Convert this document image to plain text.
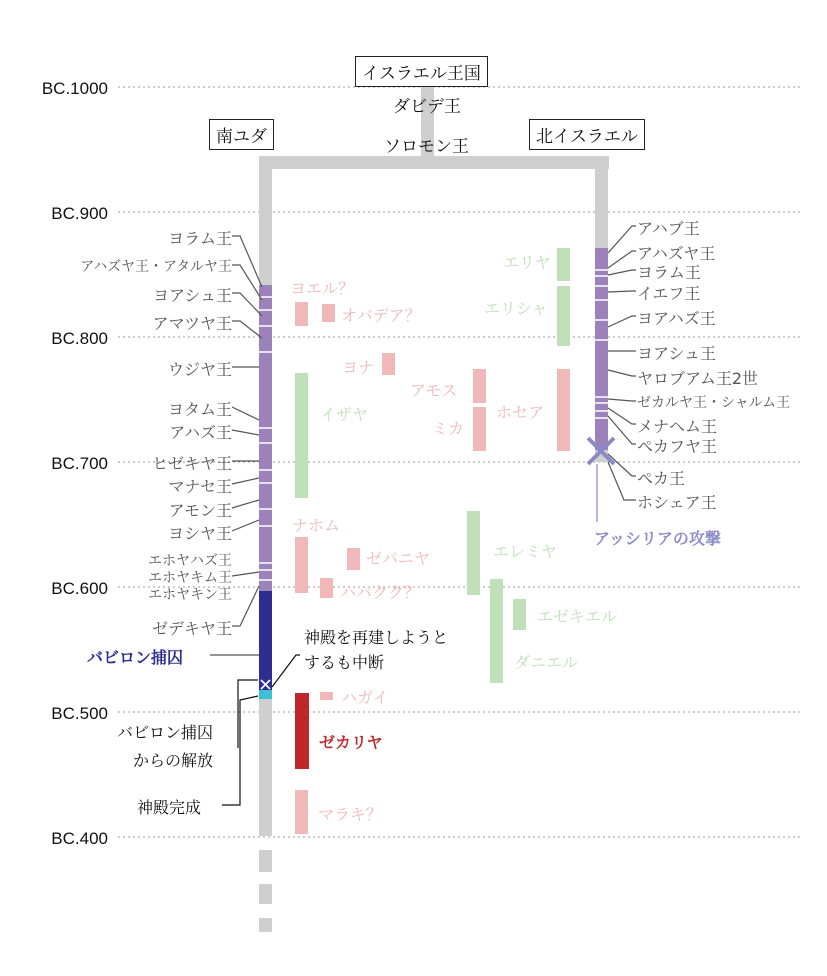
BC.1000
BC.900
BC.800
BC.700
BC.600
BC.500
BC.400
イスラエル王国
ダビデ王
ソロモン王
南ユダ	北イスラエル
ヨラム王
アハズヤ王・アタルヤ王
ヨアシュ王
アマツヤ王
ウジヤ王
ヨタム王
アハズ王
ヒゼキヤ王
マナセ王
アモン王
ヨシヤ王
エホヤハズ王
エホヤキム王
エホヤキン王
ゼデキヤ王
アハブ王
アハズヤ王
ヨラム王
イエフ王
ヨアハズ王
ヨアシュ王
ヤロブアム王2世
ゼカルヤ王・シャルム王
メナヘム王
ペカフヤ王
ペカ王
ホシェア王
バビロン捕囚
神殿を再建しようと
するも中断
バビロン捕囚
からの解放
神殿完成
アッシリアの攻撃
ヨエル？
オバデア？
ヨナ
アモス
ミカ
ホセア
ナホム
ゼパニヤ
ハバクク？
ハガイ
マラキ？
エリヤ
エリシャ
イザヤ
エレミヤ
エゼキエル
ダニエル
ゼカリヤ
